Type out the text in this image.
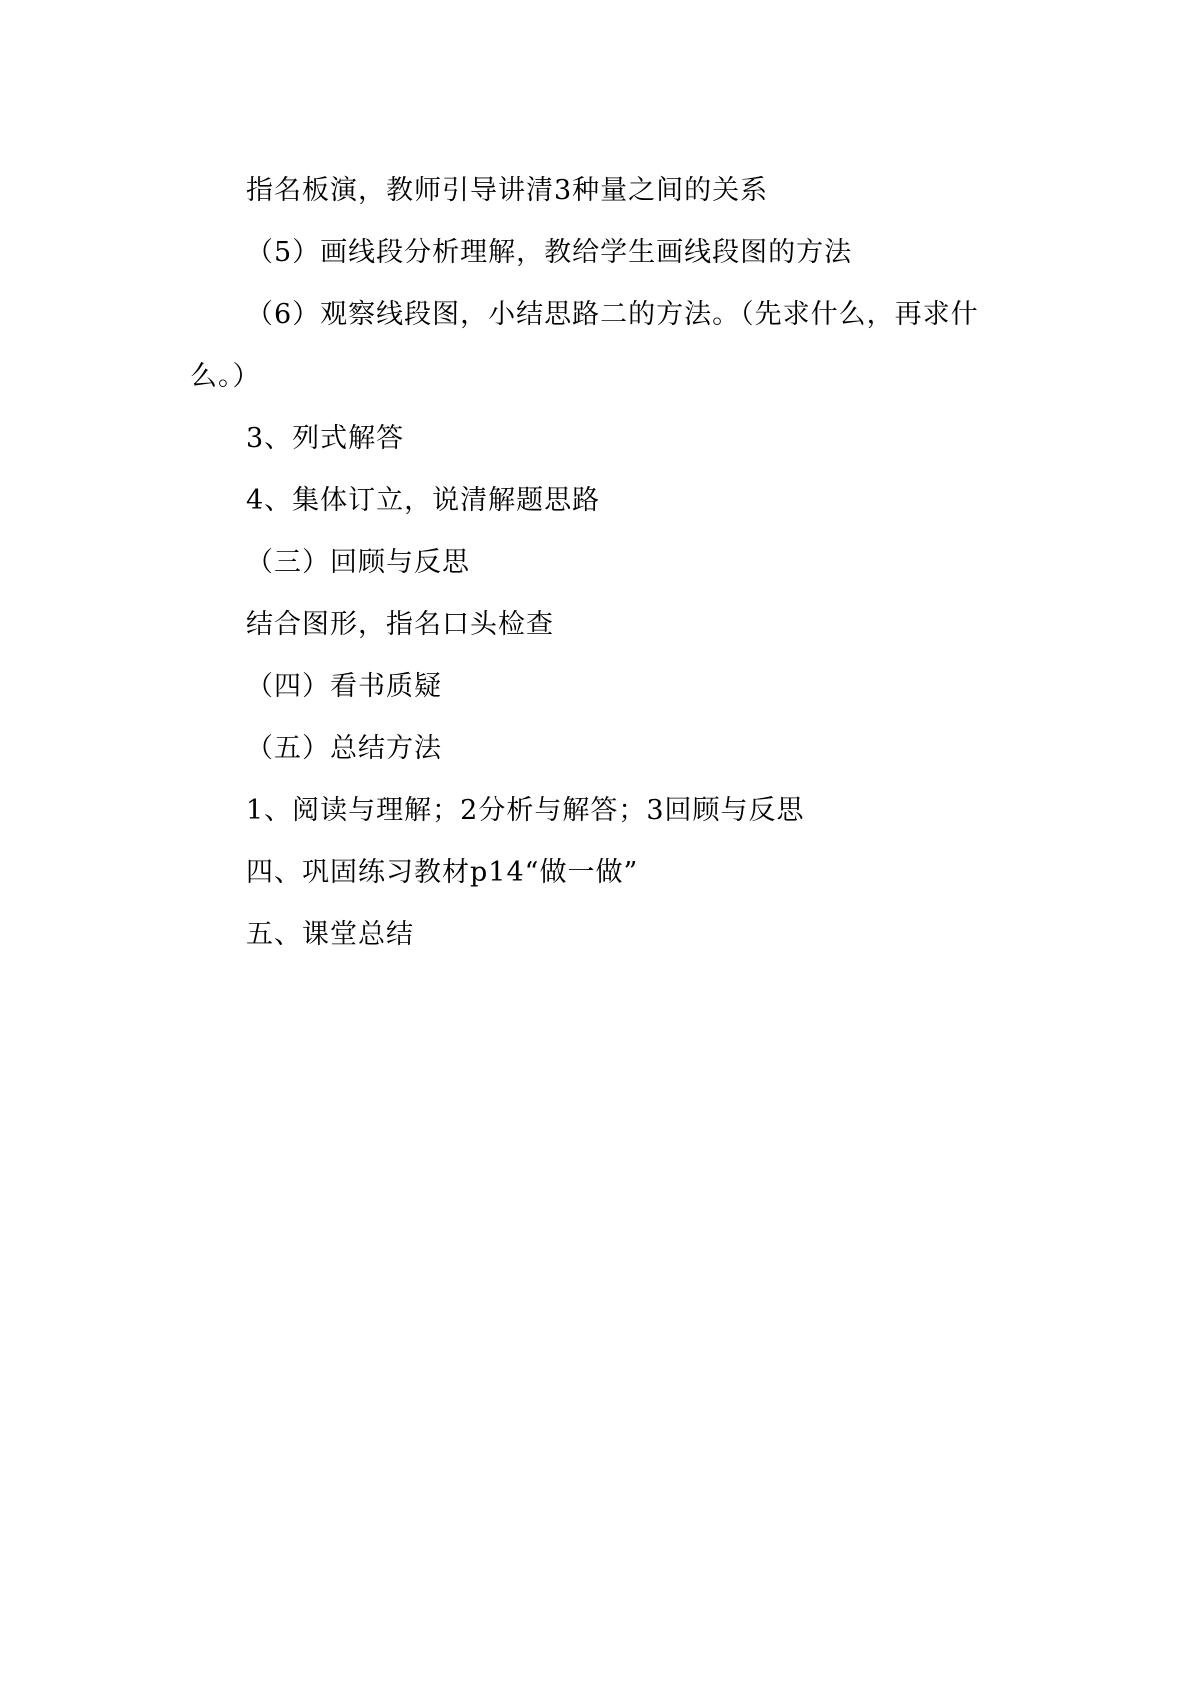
指名板演，教师引导讲清3种量之间的关系
（5）画线段分析理解，教给学生画线段图的方法
（6）观察线段图，小结思路二的方法。（先求什么，再求什
么。）
3、列式解答
4、集体订立，说清解题思路
（三）回顾与反思
结合图形，指名口头检查
（四）看书质疑
（五）总结方法
1、阅读与理解；2分析与解答；3回顾与反思
四、巩固练习教材p14“做一做”
五、课堂总结
